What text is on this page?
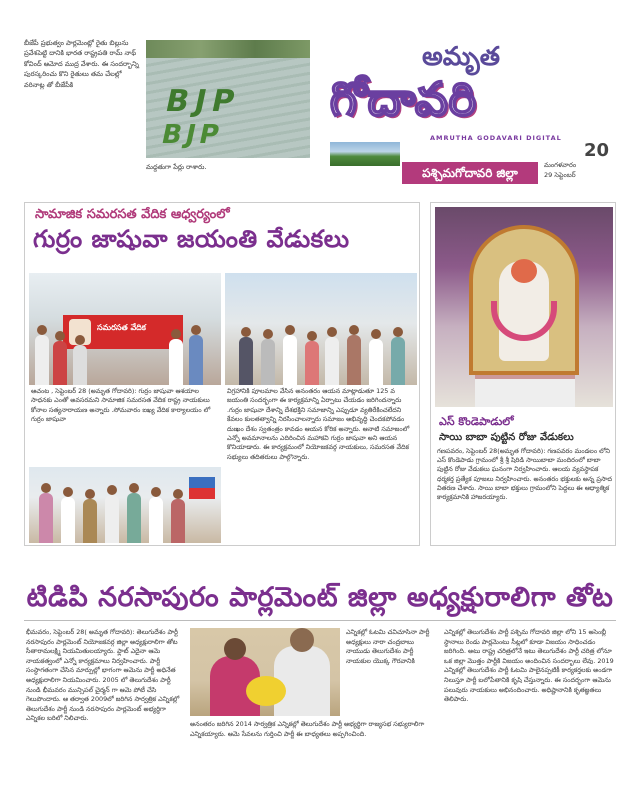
బీజేపీ ప్రభుత్వం పార్లమెంట్లో రైతు బిల్లును ప్రవేశపెట్టి దానికి భారత రాష్ట్రపతి రామ్ నాథ్ కోవింద్ ఆమోద ముద్ర వేశారు. ఈ సందర్భాన్ని పురస్కరించు కొని రైతులు తమ చేలల్లో వరినాట్ల తో బీజేపీకి	BJP
BJP
మద్దతుగా పేర్లు రాశారు.
అమృత
గోదావరి
AMRUTHA GODAVARI DIGITAL
పశ్చిమగోదావరి జిల్లా
మంగళవారం
29 సెప్టెంబర్
20
సామాజిక సమరసత వేదిక ఆధ్వర్యంలో
గుర్రం జాషువా జయంతి వేడుకలు
సమరసత వేదిక
ఆచంట , సెప్టెంబర్ 28 (అమృత గోదావరి): గుర్రం జాషువా ఆశయాల సాధనకు ఎంతో అవసరమని సామాజిక సమరసత వేదిక రాష్ట్ర నాయకులు కోనాల సత్యనారాయణ అన్నారు .సోమవారం ఐఖ్య వేదిక కార్యాలయం లో గుర్రం జాషువా
విగ్రహానికి పూలమాల వేసిన అనంతరం ఆయన మాట్లాడుతూ 125 వ జయంతి సందర్భంగా ఈ కార్యక్రమాన్ని ఏర్పాటు చేయడం జరిగిందన్నారు .గుర్రం జాషువా దేశాన్ని దేశభక్తిని సమాజాన్ని ఎప్పుడూ వ్యతిరేకించలేదని కేవలం కులతత్వాన్ని నిరసించాలన్నారు సమాజం అభివృద్ధి చెందకపోవడం దుఃఖం దేశం స్వతంత్రం కావడం ఆయన కోరిక అన్నారు. ఆనాటి సమాజంలో ఎన్నో అవమానాలను ఎదిరించిన మహాకవి గుర్రం జాషువా అని ఆయన కొనియాడారు. ఈ కార్యక్రమంలో నియోజకవర్గ నాయకులు, సమరసత వేదిక సభ్యులు తదితరులు పాల్గొన్నారు.
ఎస్ కొండెపాడులో
సాయి బాబా పుట్టిన రోజు వేడుకలు
గణపవరం, సెప్టెంబర్ 28(అమృత గోదావరి): గణపవరం మండలం లోని ఎస్ కొండెపాడు గ్రామంలో శ్రీ శ్రీ షిరిడి సాయిబాబా మందిరంలో బాబా పుట్టిన రోజు వేడుకలు ఘనంగా నిర్వహించారు. ఆలయ వ్యవస్థాపక ధర్మకర్త ప్రత్యేక పూజలు నిర్వహించారు. అనంతరం భక్తులకు అన్న ప్రసాద వితరణ చేశారు. సాయి బాబా భక్తులు గ్రామంలోని పెద్దలు ఈ ఆధ్యాత్మిక కార్యక్రమానికి హాజరయ్యారు.
టిడిపి నరసాపురం పార్లమెంట్ జిల్లా అధ్యక్షురాలిగా తోట
భీమవరం, సెప్టెంబర్ 28( అమృత గోదావరి): తెలుగుదేశం పార్టీ నరసాపురం పార్లమెంట్ నియోజకవర్గ జిల్లా అధ్యక్షురాలిగా తోట సీతారామలక్ష్మి నియమితులయ్యారు. ఫ్లాట్ ఎదైనా ఆమె నాయకత్వంలో ఎన్నో కార్యక్రమాలు నిర్వహించారు. పార్టీ సంస్థాగతంగా చేసిన మార్పుల్లో భాగంగా ఆమెను పార్టీ అధినేత అధ్యక్షురాలిగా నియమించారు. 2005 లో తెలుగుదేశం పార్టీ నుండి భీమవరం మున్సిపల్ చైర్మన్ గా ఆమె పోటీ చేసి గెలుపొందారు. ఆ తర్వాత 2009లో జరిగిన సార్వత్రిక ఎన్నికల్లో తెలుగుదేశం పార్టీ నుండి నరసాపురం పార్లమెంట్ అభ్యర్థిగా ఎన్నికల బరిలో నిలిచారు.
ఎన్నికల్లో ఓటమి చవిచూసినా పార్టీ అధ్యక్షులు నారా చంద్రబాబు నాయుడు తెలుగుదేశం పార్టీ నాయకుల యొక్క గౌరవానికి
అనంతరం జరిగిన 2014 సార్వత్రిక ఎన్నికల్లో తెలుగుదేశం పార్టీ అభ్యర్థిగా రాజ్యసభ సభ్యురాలిగా ఎన్నికయ్యారు. ఆమె సేవలను గుర్తించి పార్టీ ఈ బాధ్యతలు అప్పగించింది.
ఎన్నికల్లో తెలుగుదేశం పార్టీ పశ్చిమ గోదావరి జిల్లా లోని 15 అసెంబ్లీ స్థానాలు రెండు పార్లమెంటు సీట్లలో కూడా విజయం సాధించడం జరిగింది. అటు రాష్ట్ర చరిత్రలోనే ఇటు తెలుగుదేశం పార్టీ చరిత్ర లోనూ ఒక జిల్లా మొత్తం పార్టీకి విజయం అందించిన సందర్భాలు లేవు. 2019 ఎన్నికల్లో తెలుగుదేశం పార్టీ ఓటమి పాలైనప్పటికీ కార్యకర్తలకు అండగా నిలుస్తూ పార్టీ బలోపేతానికి కృషి చేస్తున్నారు. ఈ సందర్భంగా ఆమెను పలువురు నాయకులు అభినందించారు. అధిష్టానానికి కృతజ్ఞతలు తెలిపారు.
